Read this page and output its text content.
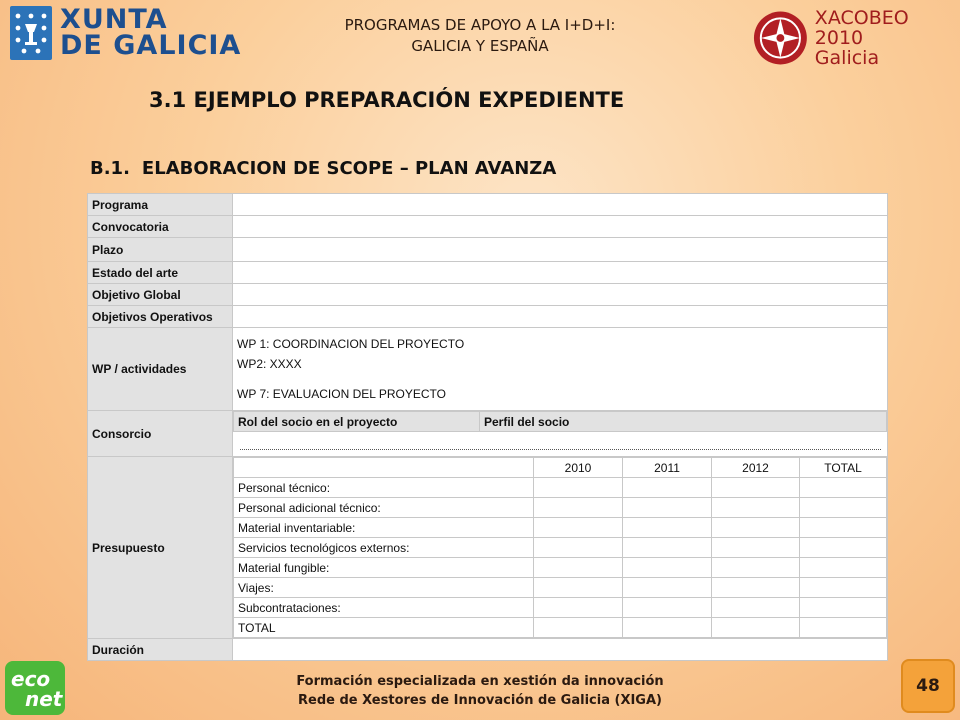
XUNTA
DE GALICIA
PROGRAMAS DE APOYO A LA I+D+I:
GALICIA Y ESPAÑA
XACOBEO 2010
Galicia
3.1 EJEMPLO PREPARACIÓN EXPEDIENTE
B.1. ELABORACION DE SCOPE – PLAN AVANZA
Programa	
Convocatoria	
Plazo	
Estado del arte	
Objetivo Global	
Objetivos Operativos	
WP / actividades	
WP 1: COORDINACION DEL PROYECTO
WP2: XXXX
WP 7: EVALUACION DEL PROYECTO

Consorcio	
Rol del socio en el proyecto	Perfil del socio

Presupuesto	
	2010	2011	2012	TOTAL
Personal técnico:				
Personal adicional técnico:				
Material inventariable:				
Servicios tecnológicos externos:				
Material fungible:				
Viajes:				
Subcontrataciones:				
TOTAL				

Duración	
eco
net
Formación especializada en xestión da innovación
Rede de Xestores de Innovación de Galicia (XIGA)
48
